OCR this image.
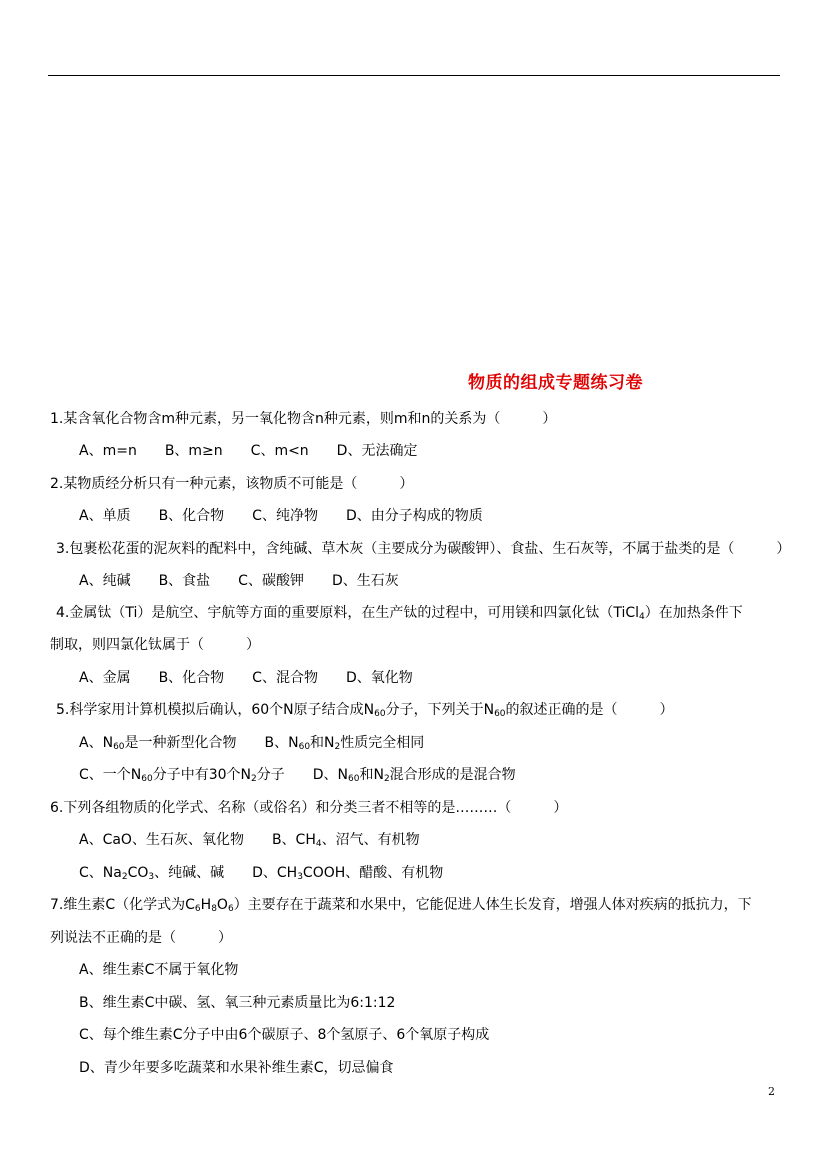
物质的组成专题练习卷
1.某含氧化合物含m种元素，另一氧化物含n种元素，则m和n的关系为（　　　）
A、m=n　　B、m≥n　　C、m<n　　D、无法确定
2.某物质经分析只有一种元素，该物质不可能是（　　　）
A、单质　　B、化合物　　C、纯净物　　D、由分子构成的物质
3.包裹松花蛋的泥灰料的配料中，含纯碱、草木灰（主要成分为碳酸钾）、食盐、生石灰等，不属于盐类的是（　　　）
A、纯碱　　B、食盐　　C、碳酸钾　　D、生石灰
4.金属钛（Ti）是航空、宇航等方面的重要原料，在生产钛的过程中，可用镁和四氯化钛（TiCl$_4$）在加热条件下
制取，则四氯化钛属于（　　　）
A、金属　　B、化合物　　C、混合物　　D、氧化物
5.科学家用计算机模拟后确认，60个N原子结合成$N_{60}$分子，下列关于$N_{60}$的叙述正确的是（　　　）
A、$N_{60}$是一种新型化合物　　B、$N_{60}$和$N_2$性质完全相同
C、一个$N_{60}$分子中有30个$N_2$分子　　D、$N_{60}$和$N_2$混合形成的是混合物
6.下列各组物质的化学式、名称（或俗名）和分类三者不相等的是………（　　　）
A、CaO、生石灰、氧化物　　B、$CH_4$、沼气、有机物
C、$Na_2CO_3$、纯碱、碱　　D、$CH_3COOH$、醋酸、有机物
7.维生素C（化学式为$C_6H_8O_6$）主要存在于蔬菜和水果中，它能促进人体生长发育，增强人体对疾病的抵抗力，下
列说法不正确的是（　　　）
A、维生素C不属于氧化物
B、维生素C中碳、氢、氧三种元素质量比为6:1:12
C、每个维生素C分子中由6个碳原子、8个氢原子、6个氧原子构成
D、青少年要多吃蔬菜和水果补维生素C，切忌偏食
2
